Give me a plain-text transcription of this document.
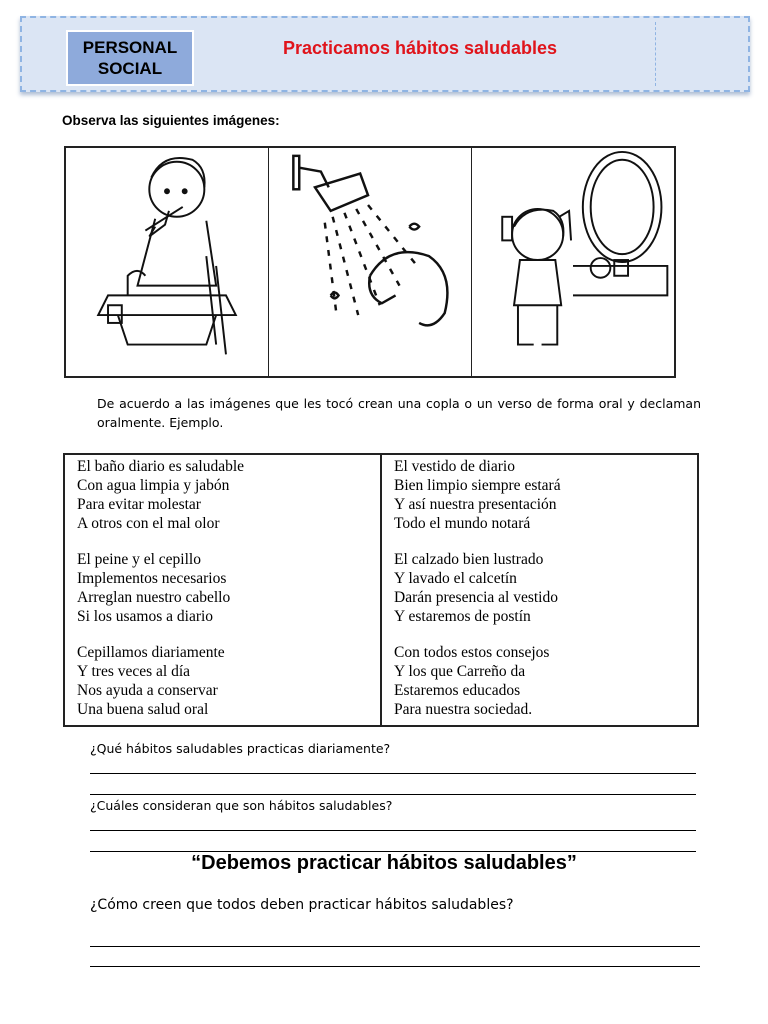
PERSONAL
SOCIAL
Practicamos hábitos saludables
Observa las siguientes imágenes:
De acuerdo a las imágenes que les tocó crean una copla o un verso de forma oral y declaman oralmente. Ejemplo.
El baño diario es saludable
Con agua limpia y jabón
Para evitar molestar
A otros con el mal olor
El peine y el cepillo
Implementos necesarios
Arreglan nuestro cabello
Si los usamos a diario
Cepillamos diariamente
Y tres veces al día
Nos ayuda a conservar
Una buena salud oral
El vestido de diario
Bien limpio siempre estará
Y así nuestra presentación
Todo el mundo notará
El calzado bien lustrado
Y lavado el calcetín
Darán presencia al vestido
Y estaremos de postín
Con todos estos consejos
Y los que Carreño da
Estaremos educados
Para nuestra sociedad.
¿Qué hábitos saludables practicas diariamente?
¿Cuáles consideran que son hábitos saludables?
“Debemos practicar hábitos saludables”
¿Cómo creen que todos deben practicar hábitos saludables?
